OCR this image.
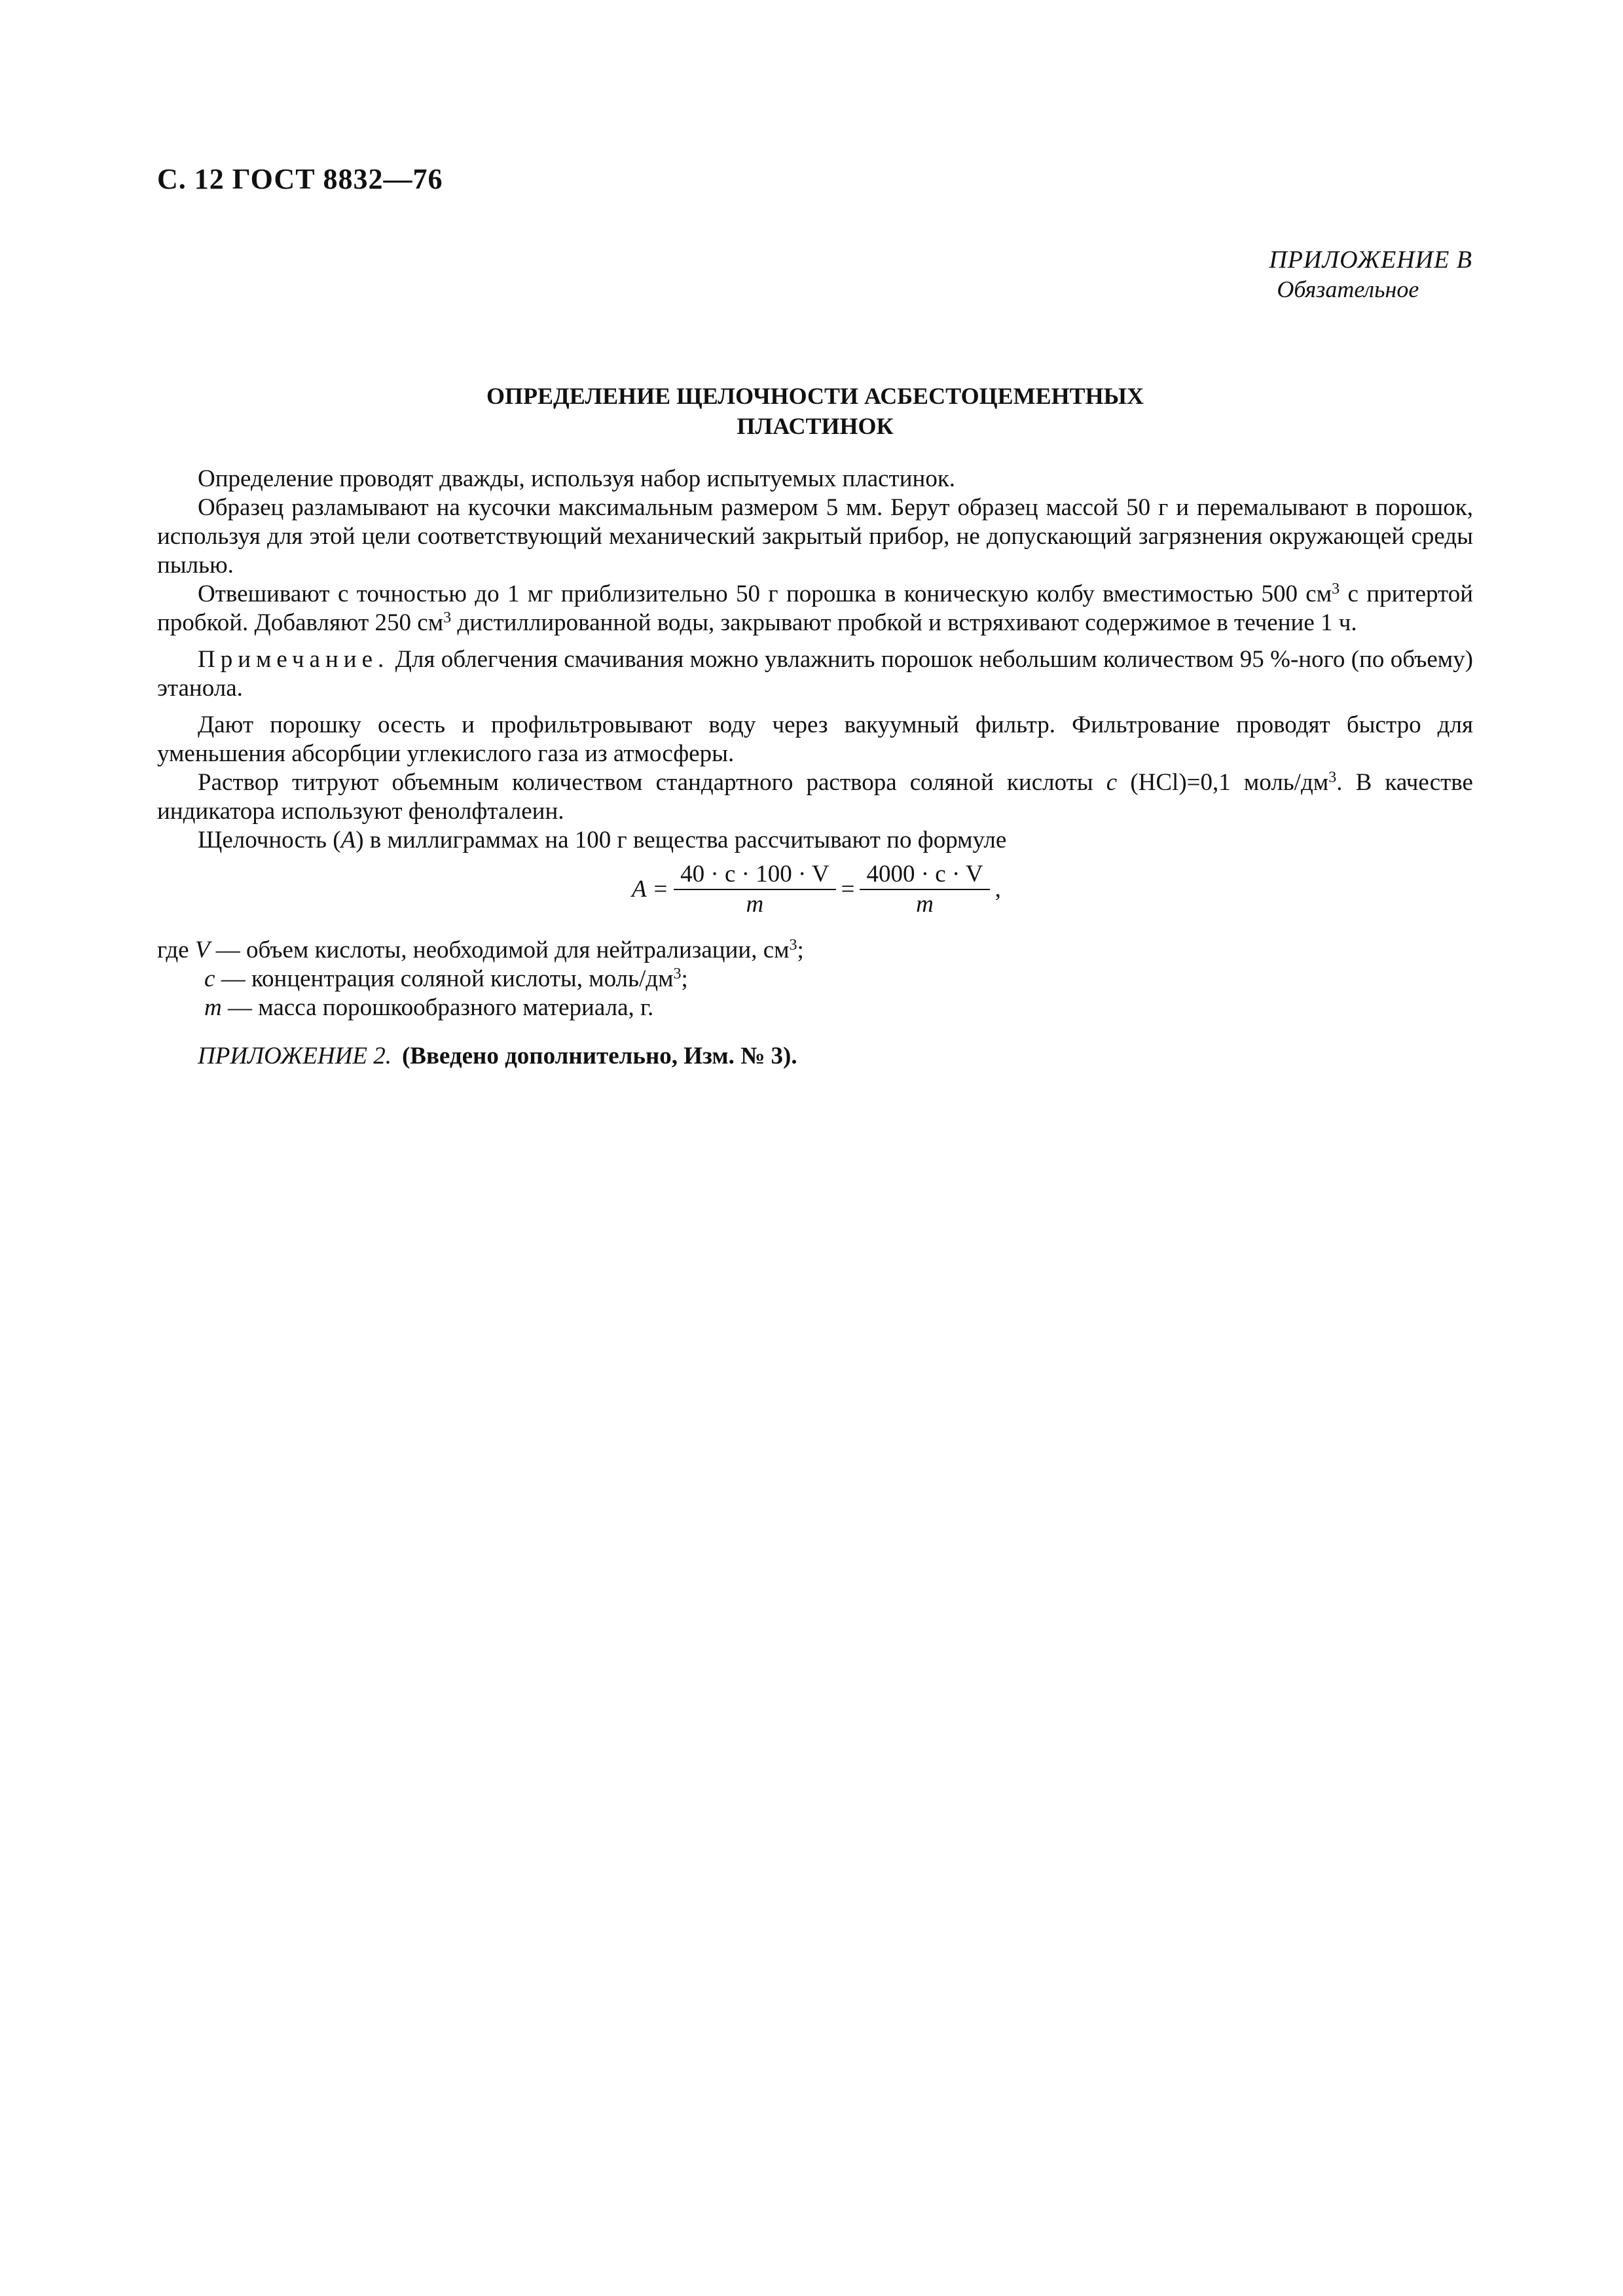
С. 12 ГОСТ 8832—76
ПРИЛОЖЕНИЕ В
Обязательное
ОПРЕДЕЛЕНИЕ ЩЕЛОЧНОСТИ АСБЕСТОЦЕМЕНТНЫХ
ПЛАСТИНОК

Определение проводят дважды, используя набор испытуемых пластинок.

Образец разламывают на кусочки максимальным размером 5 мм. Берут образец массой 50 г и перемалывают в порошок, используя для этой цели соответствующий механический закрытый прибор, не допускающий загрязнения окружающей среды пылью.

Отвешивают с точностью до 1 мг приблизительно 50 г порошка в коническую колбу вместимостью 500 $см^3$ с притертой пробкой. Добавляют 250 $см^3$ дистиллированной воды, закрывают пробкой и встряхивают содержимое в течение 1 ч.

Примечание. Для облегчения смачивания можно увлажнить порошок небольшим количеством 95 %-ного (по объему) этанола.

Дают порошку осесть и профильтровывают воду через вакуумный фильтр. Фильтрование проводят быстро для уменьшения абсорбции углекислого газа из атмосферы.

Раствор титруют объемным количеством стандартного раствора соляной кислоты c (HCl)=0,1 моль/$дм^3$. В качестве индикатора используют фенолфталеин.

Щелочность (A) в миллиграммах на 100 г вещества рассчитывают по формуле

$A = \frac{40 \cdot c \cdot 100 \cdot V}{m} = \frac{4000 \cdot c \cdot V}{m}$ ,
где V — объем кислоты, необходимой для нейтрализации, $см^3$;
c — концентрация соляной кислоты, моль/$дм^3$;
m — масса порошкообразного материала, г.
ПРИЛОЖЕНИЕ 2. (Введено дополнительно, Изм. № 3).
